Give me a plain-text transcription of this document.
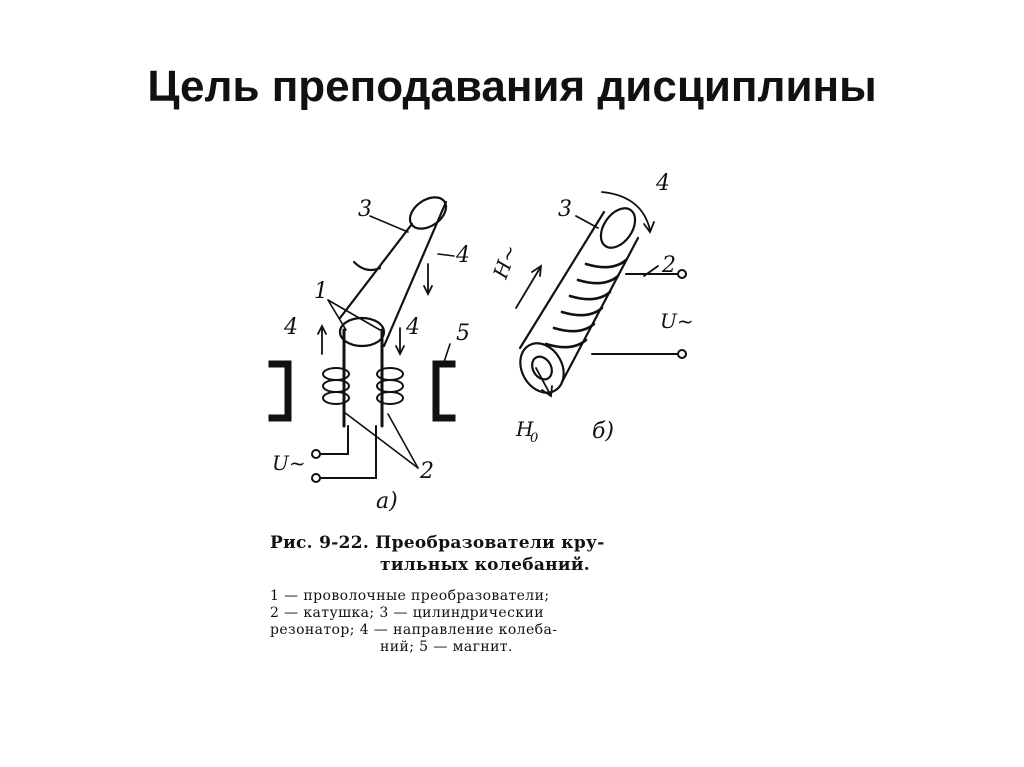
Цель преподавания дисциплины
3
4
1
4	4 5
2
U~
а)
3
4
2
H~
U~
H
0 б)
Рис. 9-22. Преобразователи кру-
тильных колебаний.
1 — проволочные преобразователи;
2 — катушка; 3 — цилиндрическии
резонатор; 4 — направление колеба-
ний; 5 — магнит.
